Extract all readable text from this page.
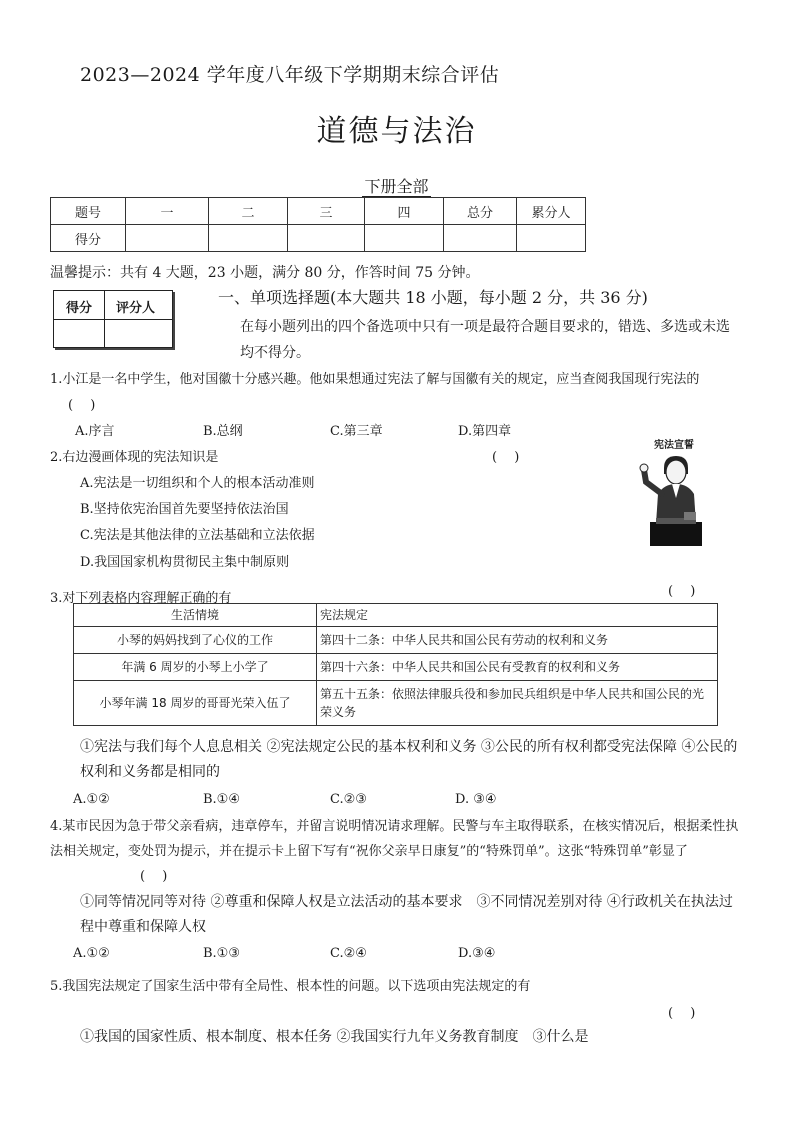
2023—2024 学年度八年级下学期期末综合评估
道德与法治
下册全部
题号	一	二	三	四	总分	累分人
得分						
温馨提示：共有 4 大题，23 小题，满分 80 分，作答时间 75 分钟。
得分 评分人
一、单项选择题(本大题共 18 小题，每小题 2 分，共 36 分)
在每小题列出的四个备选项中只有一项是最符合题目要求的，错选、多选或未选均不得分。
1.小江是一名中学生，他对国徽十分感兴趣。他如果想通过宪法了解与国徽有关的规定，应当查阅我国现行宪法的
(　 )
A.序言	B.总纲	C.第三章	D.第四章
2.右边漫画体现的宪法知识是	(　 )
A.宪法是一切组织和个人的根本活动准则
B.坚持依宪治国首先要坚持依法治国
C.宪法是其他法律的立法基础和立法依据
D.我国国家机构贯彻民主集中制原则
宪法宣誓
(　 )
3.对下列表格内容理解正确的有
生活情境	宪法规定
小琴的妈妈找到了心仪的工作	第四十二条：中华人民共和国公民有劳动的权利和义务
年满 6 周岁的小琴上小学了	第四十六条：中华人民共和国公民有受教育的权利和义务
小琴年满 18 周岁的哥哥光荣入伍了	第五十五条：依照法律服兵役和参加民兵组织是中华人民共和国公民的光荣义务
①宪法与我们每个人息息相关 ②宪法规定公民的基本权利和义务 ③公民的所有权利都受宪法保障 ④公民的权利和义务都是相同的
A.①②	B.①④	C.②③	D. ③④
4.某市民因为急于带父亲看病，违章停车，并留言说明情况请求理解。民警与车主取得联系，在核实情况后，根据柔性执法相关规定，变处罚为提示，并在提示卡上留下写有“祝你父亲早日康复”的“特殊罚单”。这张“特殊罚单”彰显了 (　 )
①同等情况同等对待 ②尊重和保障人权是立法活动的基本要求　③不同情况差别对待 ④行政机关在执法过程中尊重和保障人权
A.①②	B.①③	C.②④	D.③④
5.我国宪法规定了国家生活中带有全局性、根本性的问题。以下选项由宪法规定的有
(　 )
①我国的国家性质、根本制度、根本任务 ②我国实行九年义务教育制度　③什么是
